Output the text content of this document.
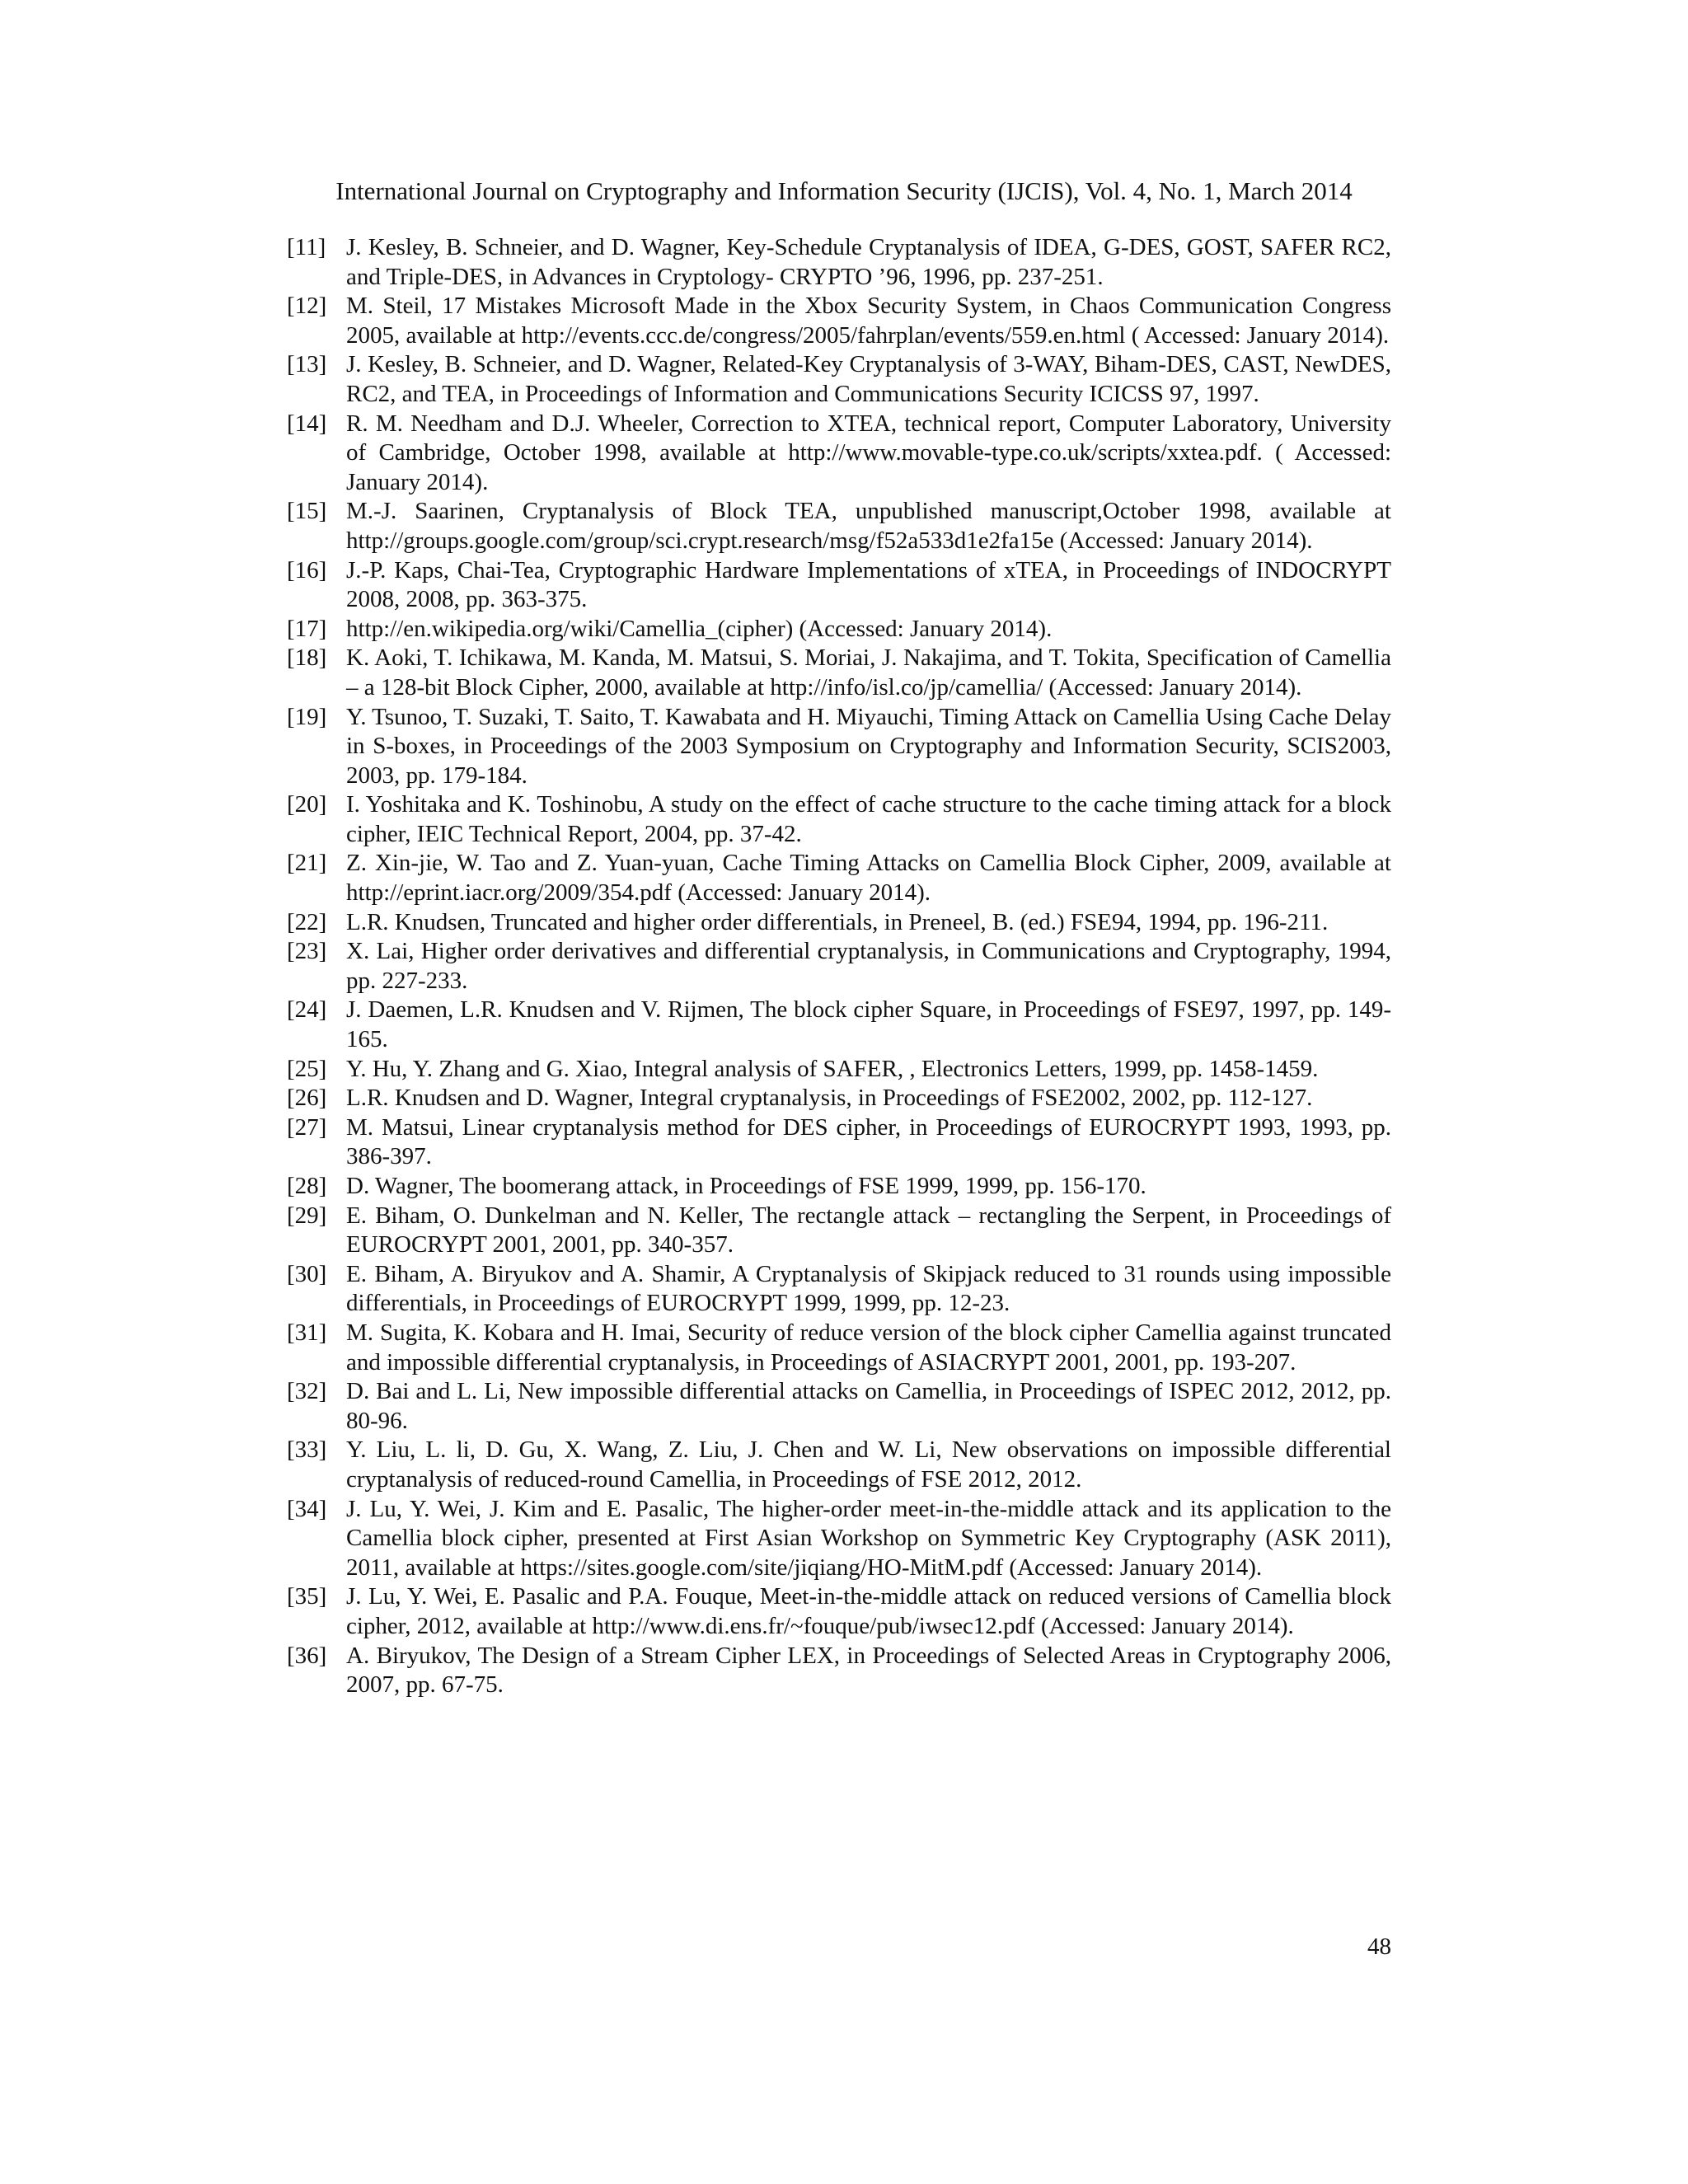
International Journal on Cryptography and Information Security (IJCIS), Vol. 4, No. 1, March 2014
[11] J. Kesley, B. Schneier, and D. Wagner, Key-Schedule Cryptanalysis of IDEA, G-DES, GOST, SAFER RC2, and Triple-DES, in Advances in Cryptology- CRYPTO ’96, 1996, pp. 237-251.
[12] M. Steil, 17 Mistakes Microsoft Made in the Xbox Security System, in Chaos Communication Congress 2005, available at http://events.ccc.de/congress/2005/fahrplan/events/559.en.html ( Accessed: January 2014).
[13] J. Kesley, B. Schneier, and D. Wagner, Related-Key Cryptanalysis of 3-WAY, Biham-DES, CAST, NewDES, RC2, and TEA, in Proceedings of Information and Communications Security ICICSS 97, 1997.
[14] R. M. Needham and D.J. Wheeler, Correction to XTEA, technical report, Computer Laboratory, University of Cambridge, October 1998, available at http://www.movable-type.co.uk/scripts/xxtea.pdf. ( Accessed: January 2014).
[15] M.-J. Saarinen, Cryptanalysis of Block TEA, unpublished manuscript,October 1998, available at http://groups.google.com/group/sci.crypt.research/msg/f52a533d1e2fa15e (Accessed: January 2014).
[16] J.-P. Kaps, Chai-Tea, Cryptographic Hardware Implementations of xTEA, in Proceedings of INDOCRYPT 2008, 2008, pp. 363-375.
[17] http://en.wikipedia.org/wiki/Camellia_(cipher) (Accessed: January 2014).
[18] K. Aoki, T. Ichikawa, M. Kanda, M. Matsui, S. Moriai, J. Nakajima, and T. Tokita, Specification of Camellia – a 128-bit Block Cipher, 2000, available at http://info/isl.co/jp/camellia/ (Accessed: January 2014).
[19] Y. Tsunoo, T. Suzaki, T. Saito, T. Kawabata and H. Miyauchi, Timing Attack on Camellia Using Cache Delay in S-boxes, in Proceedings of the 2003 Symposium on Cryptography and Information Security, SCIS2003, 2003, pp. 179-184.
[20] I. Yoshitaka and K. Toshinobu, A study on the effect of cache structure to the cache timing attack for a block cipher, IEIC Technical Report, 2004, pp. 37-42.
[21] Z. Xin-jie, W. Tao and Z. Yuan-yuan, Cache Timing Attacks on Camellia Block Cipher, 2009, available at http://eprint.iacr.org/2009/354.pdf (Accessed: January 2014).
[22] L.R. Knudsen, Truncated and higher order differentials, in Preneel, B. (ed.) FSE94, 1994, pp. 196-211.
[23] X. Lai, Higher order derivatives and differential cryptanalysis, in Communications and Cryptography, 1994, pp. 227-233.
[24] J. Daemen, L.R. Knudsen and V. Rijmen, The block cipher Square, in Proceedings of FSE97, 1997, pp. 149-165.
[25] Y. Hu, Y. Zhang and G. Xiao, Integral analysis of SAFER, , Electronics Letters, 1999, pp. 1458-1459.
[26] L.R. Knudsen and D. Wagner, Integral cryptanalysis, in Proceedings of FSE2002, 2002, pp. 112-127.
[27] M. Matsui, Linear cryptanalysis method for DES cipher, in Proceedings of EUROCRYPT 1993, 1993, pp. 386-397.
[28] D. Wagner, The boomerang attack, in Proceedings of FSE 1999, 1999, pp. 156-170.
[29] E. Biham, O. Dunkelman and N. Keller, The rectangle attack – rectangling the Serpent, in Proceedings of EUROCRYPT 2001, 2001, pp. 340-357.
[30] E. Biham, A. Biryukov and A. Shamir, A Cryptanalysis of Skipjack reduced to 31 rounds using impossible differentials, in Proceedings of EUROCRYPT 1999, 1999, pp. 12-23.
[31] M. Sugita, K. Kobara and H. Imai, Security of reduce version of the block cipher Camellia against truncated and impossible differential cryptanalysis, in Proceedings of ASIACRYPT 2001, 2001, pp. 193-207.
[32] D. Bai and L. Li, New impossible differential attacks on Camellia, in Proceedings of ISPEC 2012, 2012, pp. 80-96.
[33] Y. Liu, L. li, D. Gu, X. Wang, Z. Liu, J. Chen and W. Li, New observations on impossible differential cryptanalysis of reduced-round Camellia, in Proceedings of FSE 2012, 2012.
[34] J. Lu, Y. Wei, J. Kim and E. Pasalic, The higher-order meet-in-the-middle attack and its application to the Camellia block cipher, presented at First Asian Workshop on Symmetric Key Cryptography (ASK 2011), 2011, available at https://sites.google.com/site/jiqiang/HO-MitM.pdf (Accessed: January 2014).
[35] J. Lu, Y. Wei, E. Pasalic and P.A. Fouque, Meet-in-the-middle attack on reduced versions of Camellia block cipher, 2012, available at http://www.di.ens.fr/~fouque/pub/iwsec12.pdf (Accessed: January 2014).
[36] A. Biryukov, The Design of a Stream Cipher LEX, in Proceedings of Selected Areas in Cryptography 2006, 2007, pp. 67-75.
48
